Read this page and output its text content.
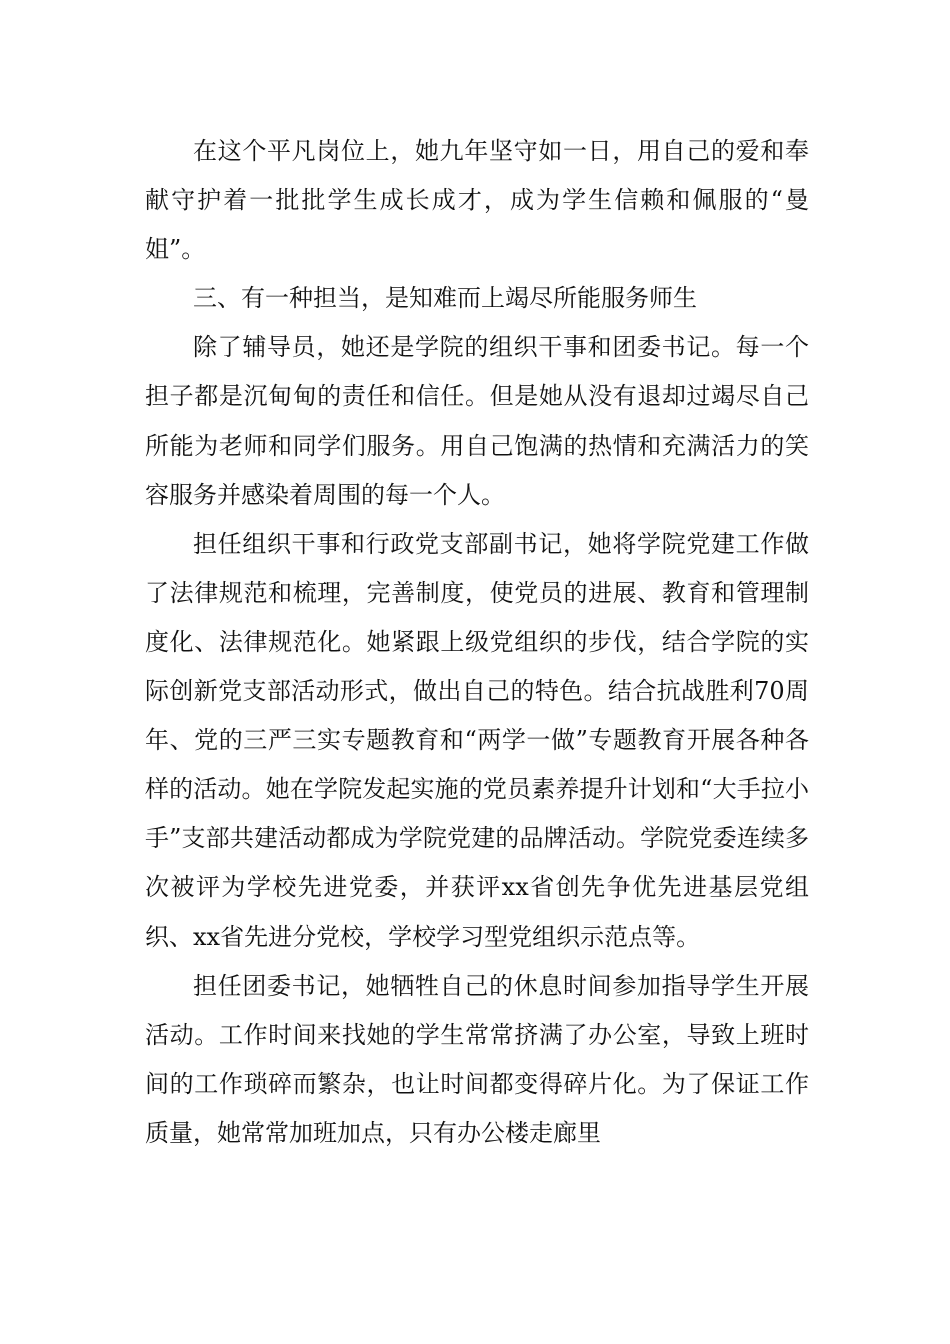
在这个平凡岗位上，她九年坚守如一日，用自己的爱和奉献守护着一批批学生成长成才，成为学生信赖和佩服的“曼姐”。

三、有一种担当，是知难而上竭尽所能服务师生

除了辅导员，她还是学院的组织干事和团委书记。每一个担子都是沉甸甸的责任和信任。但是她从没有退却过竭尽自己所能为老师和同学们服务。用自己饱满的热情和充满活力的笑容服务并感染着周围的每一个人。

担任组织干事和行政党支部副书记，她将学院党建工作做了法律规范和梳理，完善制度，使党员的进展、教育和管理制度化、法律规范化。她紧跟上级党组织的步伐，结合学院的实际创新党支部活动形式，做出自己的特色。结合抗战胜利70周年、党的三严三实专题教育和“两学一做”专题教育开展各种各样的活动。她在学院发起实施的党员素养提升计划和“大手拉小手”支部共建活动都成为学院党建的品牌活动。学院党委连续多次被评为学校先进党委，并获评xx省创先争优先进基层党组织、xx省先进分党校，学校学习型党组织示范点等。

担任团委书记，她牺牲自己的休息时间参加指导学生开展活动。工作时间来找她的学生常常挤满了办公室，导致上班时间的工作琐碎而繁杂，也让时间都变得碎片化。为了保证工作质量，她常常加班加点，只有办公楼走廊里
